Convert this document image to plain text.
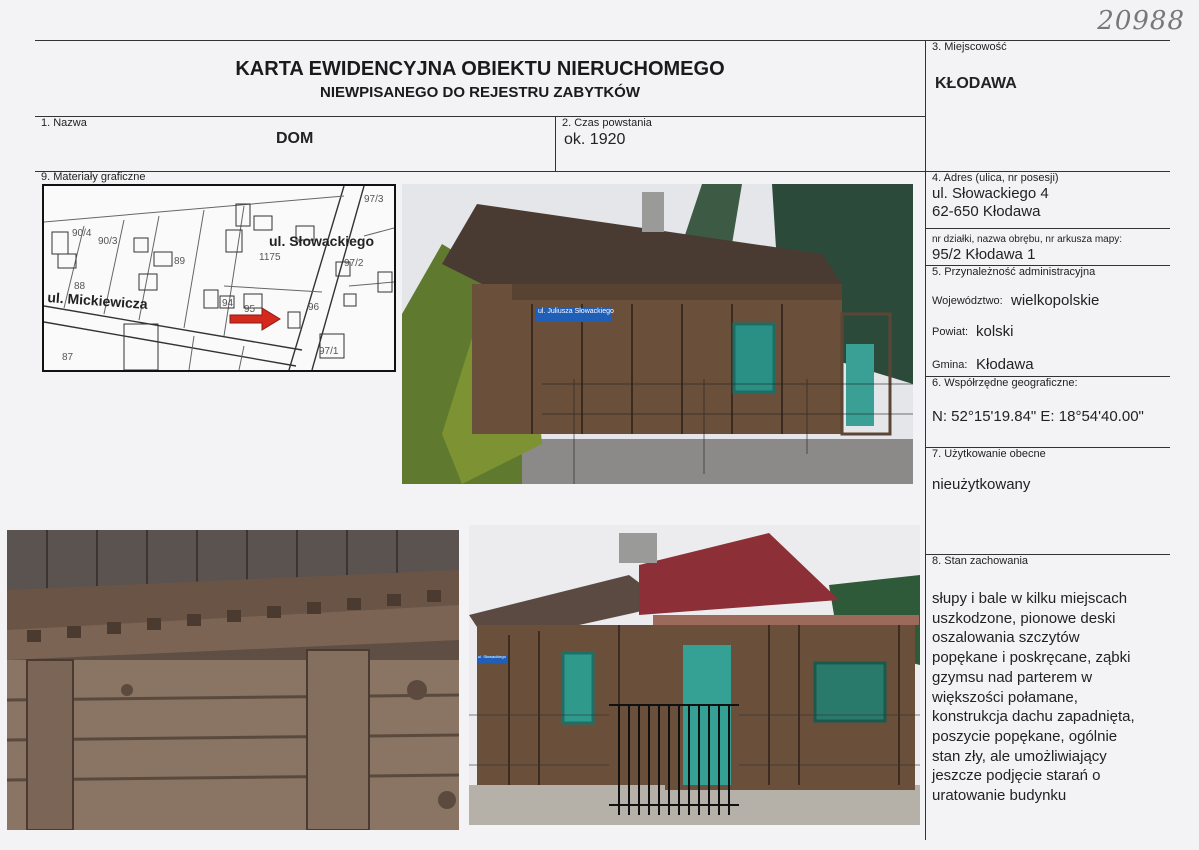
20988
KARTA EWIDENCYJNA OBIEKTU NIERUCHOMEGO
NIEWPISANEGO DO REJESTRU ZABYTKÓW
3. Miejscowość
KŁODAWA
1. Nazwa
DOM
2. Czas powstania
ok. 1920
9. Materiały graficzne
97/3
90/4
90/3
1175
97/2
88
89
94	96
87
97/1
95
ul. Słowackiego
ul. Mickiewicza	ul. Juliusza Słowackiego
ul. Słowackiego
4. Adres (ulica, nr posesji)
ul. Słowackiego 4
62-650 Kłodawa
nr działki, nazwa obrębu, nr arkusza mapy:
95/2 Kłodawa 1
5. Przynależność administracyjna
Województwo: wielkopolskie
Powiat: kolski
Gmina: Kłodawa
6. Współrzędne geograficzne:
N: 52°15'19.84" E: 18°54'40.00"
7. Użytkowanie obecne
nieużytkowany
8. Stan zachowania
słupy i bale w kilku miejscach
uszkodzone, pionowe deski
oszalowania szczytów
popękane i poskręcane, ząbki
gzymsu nad parterem w
większości połamane,
konstrukcja dachu zapadnięta,
poszycie popękane, ogólnie
stan zły, ale umożliwiający
jeszcze podjęcie starań o
uratowanie budynku
